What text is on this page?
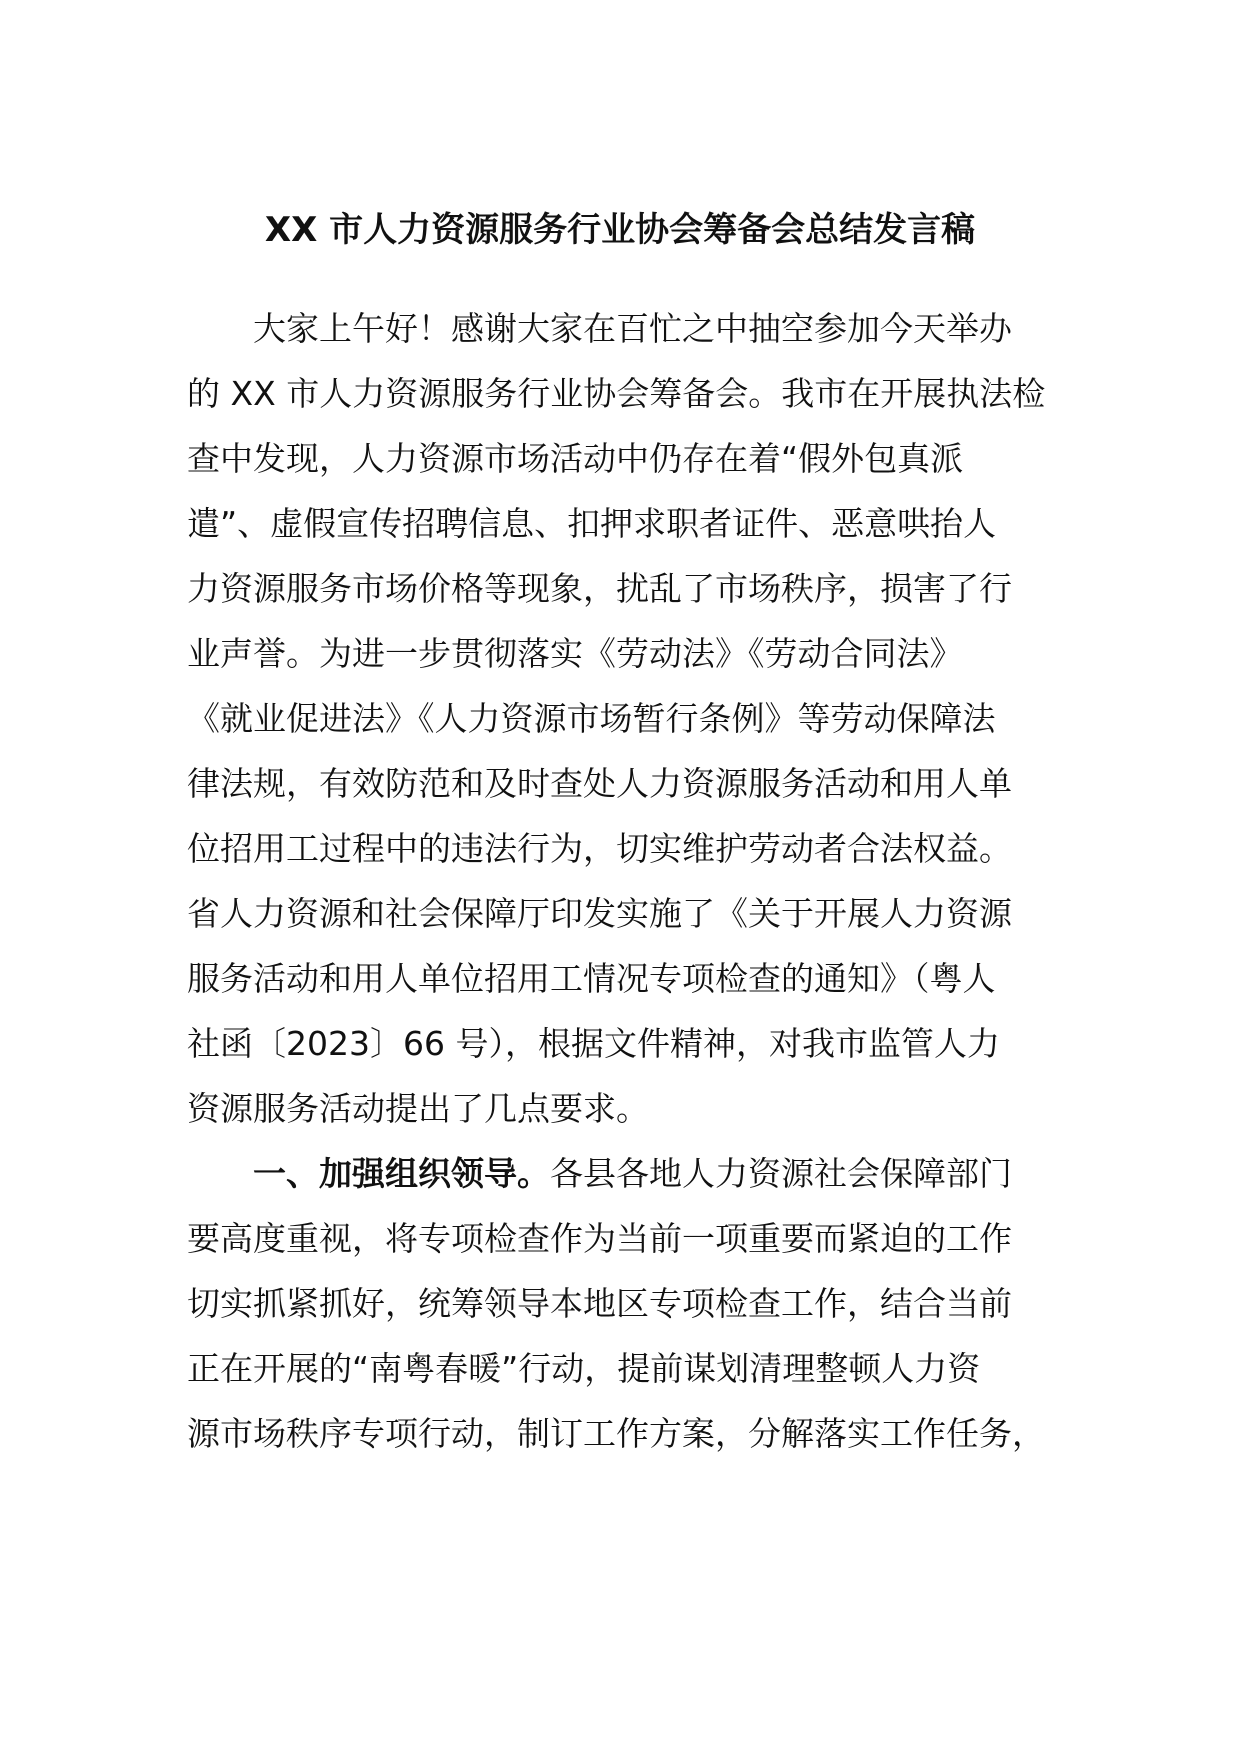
XX 市人力资源服务行业协会筹备会总结发言稿
大家上午好！感谢大家在百忙之中抽空参加今天举办
的 XX 市人力资源服务行业协会筹备会。我市在开展执法检
查中发现，人力资源市场活动中仍存在着“假外包真派
遣”、虚假宣传招聘信息、扣押求职者证件、恶意哄抬人
力资源服务市场价格等现象，扰乱了市场秩序，损害了行
业声誉。为进一步贯彻落实《劳动法》《劳动合同法》
《就业促进法》《人力资源市场暂行条例》等劳动保障法
律法规，有效防范和及时查处人力资源服务活动和用人单
位招用工过程中的违法行为，切实维护劳动者合法权益。
省人力资源和社会保障厅印发实施了《关于开展人力资源
服务活动和用人单位招用工情况专项检查的通知》（粤人
社函〔2023〕66 号），根据文件精神，对我市监管人力
资源服务活动提出了几点要求。
一、加强组织领导。各县各地人力资源社会保障部门
要高度重视，将专项检查作为当前一项重要而紧迫的工作
切实抓紧抓好，统筹领导本地区专项检查工作，结合当前
正在开展的“南粤春暖”行动，提前谋划清理整顿人力资
源市场秩序专项行动，制订工作方案，分解落实工作任务，
